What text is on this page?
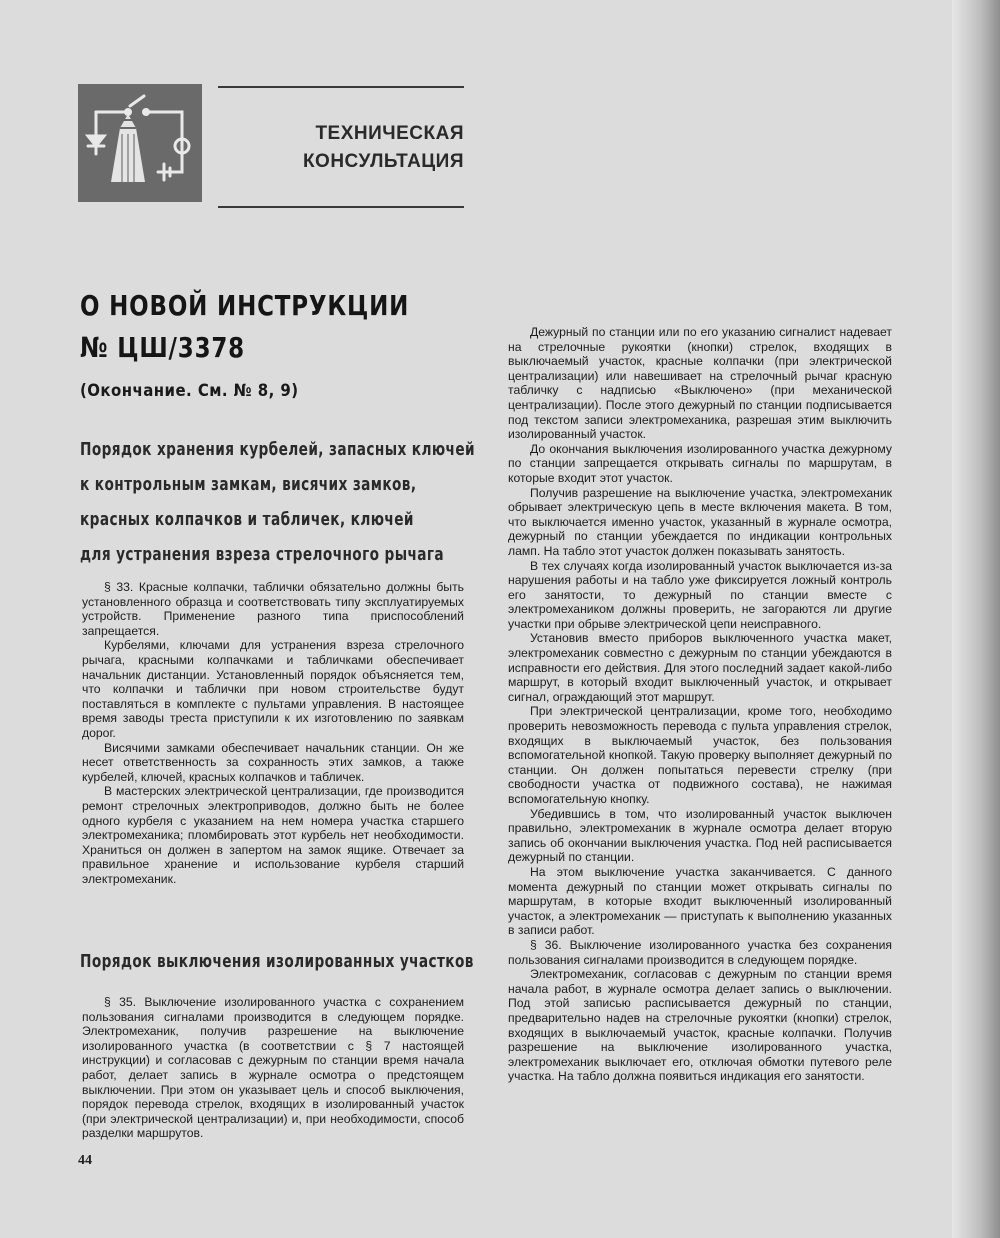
ТЕХНИЧЕСКАЯ
КОНСУЛЬТАЦИЯ
О НОВОЙ ИНСТРУКЦИИ
№ ЦШ/3378
(Окончание. См. № 8, 9)
Порядок хранения курбелей, запасных ключей
к контрольным замкам, висячих замков,
красных колпачков и табличек, ключей
для устранения взреза стрелочного рычага

§ 33. Красные колпачки, таблички обязательно должны быть установленного образца и соответствовать типу эксплуатируемых устройств. Применение разного типа приспособлений запрещается.

Курбелями, ключами для устранения взреза стрелочного рычага, красными колпачками и табличками обеспечивает начальник дистанции. Установленный порядок объясняется тем, что колпачки и таблички при новом строительстве будут поставляться в комплекте с пультами управления. В настоящее время заводы треста приступили к их изготовлению по заявкам дорог.

Висячими замками обеспечивает начальник станции. Он же несет ответственность за сохранность этих замков, а также курбелей, ключей, красных колпачков и табличек.

В мастерских электрической централизации, где производится ремонт стрелочных электроприводов, должно быть не более одного курбеля с указанием на нем номера участка старшего электромеханика; пломбировать этот курбель нет необходимости. Храниться он должен в запертом на замок ящике. Отвечает за правильное хранение и использование курбеля старший электромеханик.

Порядок выключения изолированных участков

§ 35. Выключение изолированного участка с сохранением пользования сигналами производится в следующем порядке. Электромеханик, получив разрешение на выключение изолированного участка (в соответствии с § 7 настоящей инструкции) и согласовав с дежурным по станции время начала работ, делает запись в журнале осмотра о предстоящем выключении. При этом он указывает цель и способ выключения, порядок перевода стрелок, входящих в изолированный участок (при электрической централизации) и, при необходимости, способ разделки маршрутов.

Дежурный по станции или по его указанию сигналист надевает на стрелочные рукоятки (кнопки) стрелок, входящих в выключаемый участок, красные колпачки (при электрической централизации) или навешивает на стрелочный рычаг красную табличку с надписью «Выключено» (при механической централизации). После этого дежурный по станции подписывается под текстом записи электромеханика, разрешая этим выключить изолированный участок.

До окончания выключения изолированного участка дежурному по станции запрещается открывать сигналы по маршрутам, в которые входит этот участок.

Получив разрешение на выключение участка, электромеханик обрывает электрическую цепь в месте включения макета. В том, что выключается именно участок, указанный в журнале осмотра, дежурный по станции убеждается по индикации контрольных ламп. На табло этот участок должен показывать занятость.

В тех случаях когда изолированный участок выключается из-за нарушения работы и на табло уже фиксируется ложный контроль его занятости, то дежурный по станции вместе с электромехаником должны проверить, не загораются ли другие участки при обрыве электрической цепи неисправного.

Установив вместо приборов выключенного участка макет, электромеханик совместно с дежурным по станции убеждаются в исправности его действия. Для этого последний задает какой-либо маршрут, в который входит выключенный участок, и открывает сигнал, ограждающий этот маршрут.

При электрической централизации, кроме того, необходимо проверить невозможность перевода с пульта управления стрелок, входящих в выключаемый участок, без пользования вспомогательной кнопкой. Такую проверку выполняет дежурный по станции. Он должен попытаться перевести стрелку (при свободности участка от подвижного состава), не нажимая вспомогательную кнопку.

Убедившись в том, что изолированный участок выключен правильно, электромеханик в журнале осмотра делает вторую запись об окончании выключения участка. Под ней расписывается дежурный по станции.

На этом выключение участка заканчивается. С данного момента дежурный по станции может открывать сигналы по маршрутам, в которые входит выключенный изолированный участок, а электромеханик — приступать к выполнению указанных в записи работ.

§ 36. Выключение изолированного участка без сохранения пользования сигналами производится в следующем порядке.

Электромеханик, согласовав с дежурным по станции время начала работ, в журнале осмотра делает запись о выключении. Под этой записью расписывается дежурный по станции, предварительно надев на стрелочные рукоятки (кнопки) стрелок, входящих в выключаемый участок, красные колпачки. Получив разрешение на выключение изолированного участка, электромеханик выключает его, отключая обмотки путевого реле участка. На табло должна появиться индикация его занятости.

44
